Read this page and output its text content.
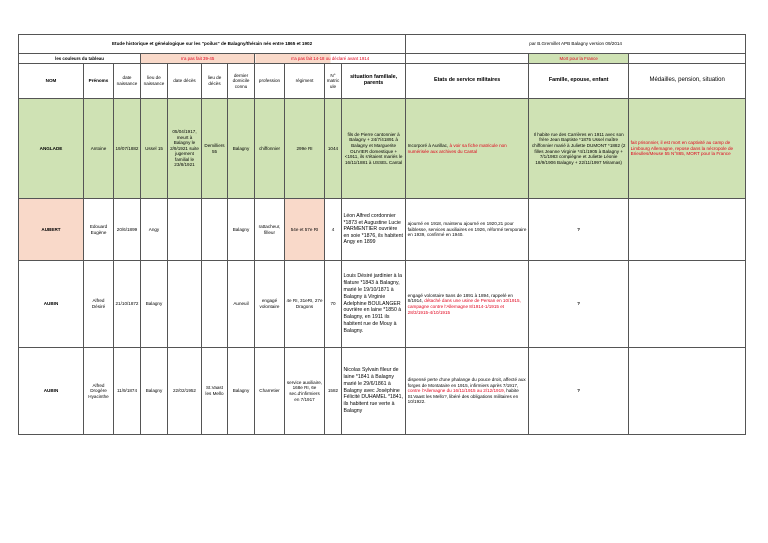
Etude historique et généalogique sur les "poilus" de Balagny/thérain nés entre 1865 et 1902											par B.Gremillet APB Balagny version 09/2014		
les couleurs du tableau			n'a pas fait 39-45				n'a pas fait 14-18 ou déclaré avant 1914					Mort pour la France	
NOM	Prénoms	date naissance	lieu de naissance	date décès	lieu de décès	dernier domicile connu	profession	régiment	N° matricule	situation familiale, parents	Etats de service militaires	Famille, epouse, enfant	Médailles, pension, situation
ANGLADE	Antoine	19/07/1882	Ussel 15	05/04/1917, meurt à Balagny le 2/9/1921 suite jugement familial le 23/8/1921	Demilliers 55	Balagny	chiffonnier	299e RI	1044	fils de Pierre cantonnier à Balagny + 24/7/41891 à Balagny et Marguerite OLIVIER domestique +<1911, ils s'étaient mariés le 16/11/1881 à USSEL Cantal	Incorporé à Aurillac, à voir sa fiche matricule non numérisée aux archives du Cantal	Il habite rue des Carrières en 1911 avec son frère Jean Baptiste *1875 Ussel maître chiffonnier marié à Juliette DUMONT *1882 (2 filles Jeanne Virginie *4/1/1905 à Balagny + 7/1/1983 compiègne et Juliette Léonie 18/9/1906 Balagny + 22/11/1997 Miramas)	fait prisonnier, il est mort en captivité au camp de Limbourg Allemagne, repose dans la nécropole de Brieulles/Meuse 55 N°865, MORT pour la France
AUBERT	Edouard Eugène	20/6/1899	Angy			Balagny	rattacheur, filleur	54e et 57e RI	4	Léon Alfred cordonnier *1873 et Augustine Lucie PARMENTIER ouvrière en soie *1876, ils habitent Angy en 1899	ajourné en 1918, maintenu ajourné en 1920,21 pour faiblesse, services auxiliaires en 1926, réformé temporaire en 1939, confirmé en 1940.	?	
AUBIN	Alfred Désiré	21/10/1872	Balagny			Auneuil	engagé volontaire	4e RI, 31eRI, 27e Dragons	70	Louis Désiré jardinier à la filature *1843 à Balagny, marié le 19/10/1871 à Balagny à Virginie Adelphine BOULANGER ouvrière en laine *1850 à Balagny, en 1911 ils habitent rue de Mouy à Balagny.	engagé volontaire 5ans de 1891 à 1894, rappelé en 8/1914, détaché dans une usine de Persan en 10/1915, campagne contre l'Allemagne 8/1914-1/1915 et 28/3/1915-4/10/1915	?	
AUBIN	Alfred Drogère Hyacinthe	11/9/1874	Balagny	22/02/1952	St.Vaast les Mello	Balagny	Charretier	service auxiliaire, 168e RI, 6e sec.d'infirmiers en 7/1917	1582	Nicolas Sylvain fileur de laine *1841 à Balagny marié le 29/6/1861 à Balagny avec Joséphine Félicité DUHAMEL *1841, ils habitent rue verte à Balagny	dispensé perte d'une phalange du pouce droit, affecté aux forges de Montataire en 1915, infirmiers après 7/1917, contre l'Allemagne du 16/11/1915 au 2/12/1919, habite St.Vaast les Mello?, libéré des obligations militaires en 10/1922.	?	
